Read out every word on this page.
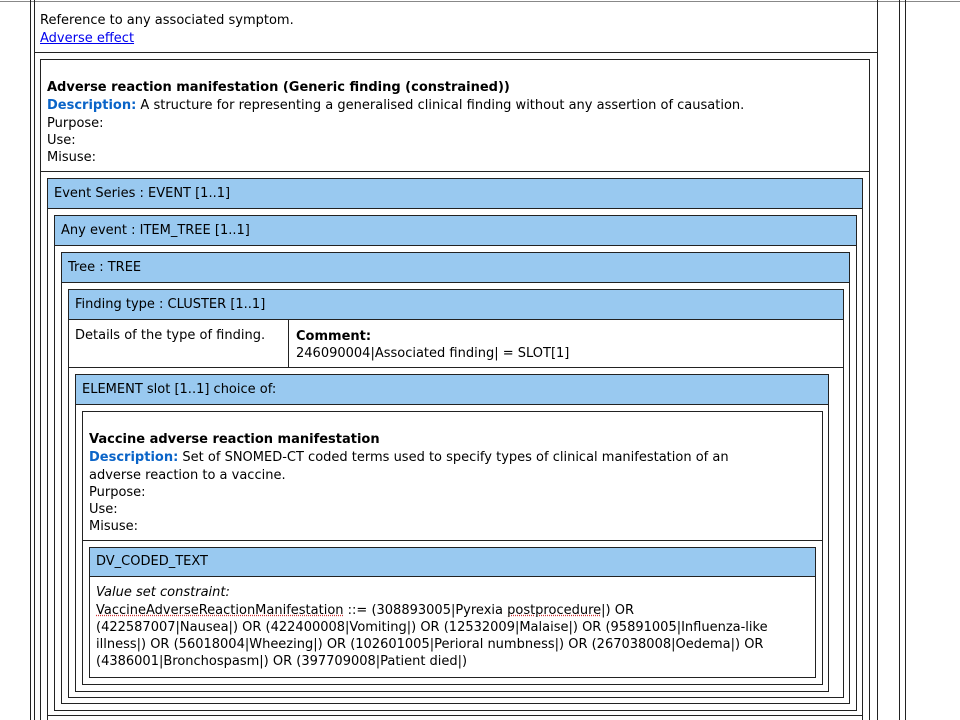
Reference to any associated symptom.
Adverse effect
Adverse reaction manifestation (Generic finding (constrained))
Description: A structure for representing a generalised clinical finding without any assertion of causation.
Purpose:
Use:
Misuse:
Event Series : EVENT [1..1]
Any event : ITEM_TREE [1..1]
Tree : TREE
Finding type : CLUSTER [1..1]
Details of the type of finding. Comment:
246090004|Associated finding| = SLOT[1]
ELEMENT slot [1..1] choice of:
Vaccine adverse reaction manifestation
Description: Set of SNOMED-CT coded terms used to specify types of clinical manifestation of an
adverse reaction to a vaccine.
Purpose:
Use:
Misuse:
DV_CODED_TEXT
Value set constraint:
VaccineAdverseReactionManifestation ::= (308893005|Pyrexia postprocedure|) OR
(422587007|Nausea|) OR (422400008|Vomiting|) OR (12532009|Malaise|) OR (95891005|Influenza-like
illness|) OR (56018004|Wheezing|) OR (102601005|Perioral numbness|) OR (267038008|Oedema|) OR
(4386001|Bronchospasm|) OR (397709008|Patient died|)
